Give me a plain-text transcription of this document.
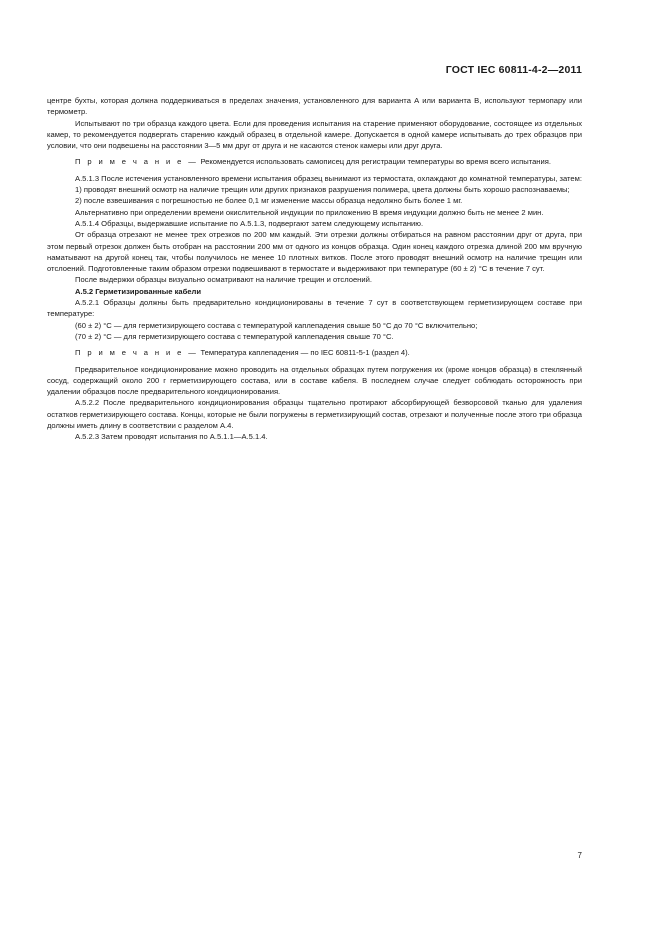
ГОСТ IEC 60811-4-2—2011

центре бухты, которая должна поддерживаться в пределах значения, установленного для варианта А или варианта В, используют термопару или термометр.

Испытывают по три образца каждого цвета. Если для проведения испытания на старение применяют оборудование, состоящее из отдельных камер, то рекомендуется подвергать старению каждый образец в отдельной камере. Допускается в одной камере испытывать до трех образцов при условии, что они подвешены на расстоянии 3—5 мм друг от друга и не касаются стенок камеры или друг друга.

П р и м е ч а н и е — Рекомендуется использовать самописец для регистрации температуры во время всего испытания.

A.5.1.3 После истечения установленного времени испытания образец вынимают из термостата, охлаждают до комнатной температуры, затем:

1) проводят внешний осмотр на наличие трещин или других признаков разрушения полимера, цвета должны быть хорошо распознаваемы;

2) после взвешивания с погрешностью не более 0,1 мг изменение массы образца недолжно быть более 1 мг.

Альтернативно при определении времени окислительной индукции по приложению В время индукции должно быть не менее 2 мин.

A.5.1.4 Образцы, выдержавшие испытание по A.5.1.3, подвергают затем следующему испытанию.

От образца отрезают не менее трех отрезков по 200 мм каждый. Эти отрезки должны отбираться на равном расстоянии друг от друга, при этом первый отрезок должен быть отобран на расстоянии 200 мм от одного из концов образца. Один конец каждого отрезка длиной 200 мм вручную наматывают на другой конец так, чтобы получилось не менее 10 плотных витков. После этого проводят внешний осмотр на наличие трещин или отслоений. Подготовленные таким образом отрезки подвешивают в термостате и выдерживают при температуре (60 ± 2) °С в течение 7 сут.

После выдержки образцы визуально осматривают на наличие трещин и отслоений.

A.5.2 Герметизированные кабели

A.5.2.1 Образцы должны быть предварительно кондиционированы в течение 7 сут в соответствующем герметизирующем составе при температуре:

(60 ± 2) °С — для герметизирующего состава с температурой каплепадения свыше 50 °С до 70 °С включительно;

(70 ± 2) °С — для герметизирующего состава с температурой каплепадения свыше 70 °С.

П р и м е ч а н и е — Температура каплепадения — по IEC 60811-5-1 (раздел 4).

Предварительное кондиционирование можно проводить на отдельных образцах путем погружения их (кроме концов образца) в стеклянный сосуд, содержащий около 200 г герметизирующего состава, или в составе кабеля. В последнем случае следует соблюдать осторожность при удалении образцов после предварительного кондиционирования.

A.5.2.2 После предварительного кондиционирования образцы тщательно протирают абсорбирующей безворсовой тканью для удаления остатков герметизирующего состава. Концы, которые не были погружены в герметизирующий состав, отрезают и полученные после этого три образца должны иметь длину в соответствии с разделом A.4.

A.5.2.3 Затем проводят испытания по A.5.1.1—A.5.1.4.

7
